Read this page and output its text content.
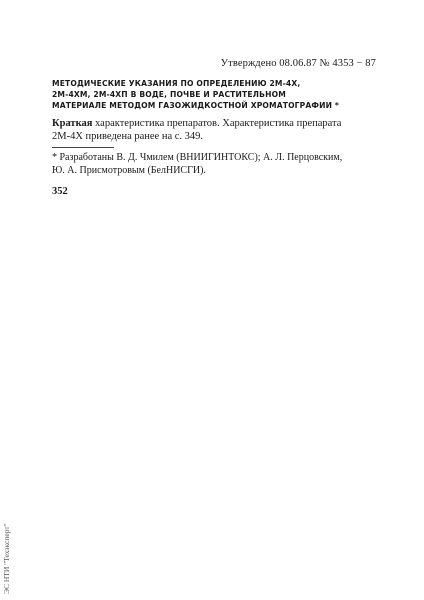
Утверждено 08.06.87 № 4353 − 87
МЕТОДИЧЕСКИЕ УКАЗАНИЯ ПО ОПРЕДЕЛЕНИЮ 2М-4Х,
2М-4ХМ, 2М-4ХП В ВОДЕ, ПОЧВЕ И РАСТИТЕЛЬНОМ
МАТЕРИАЛЕ МЕТОДОМ ГАЗОЖИДКОСТНОЙ ХРОМАТОГРАФИИ *

Краткая характеристика препаратов. Характеристика препарата
2М-4Х приведена ранее на с. 349.

* Разработаны В. Д. Чмилем (ВНИИГИНТОКС); А. Л. Перцовским,
Ю. А. Присмотровым (БелНИСГИ).

352
ЭС НТИ "Техэксперт"
